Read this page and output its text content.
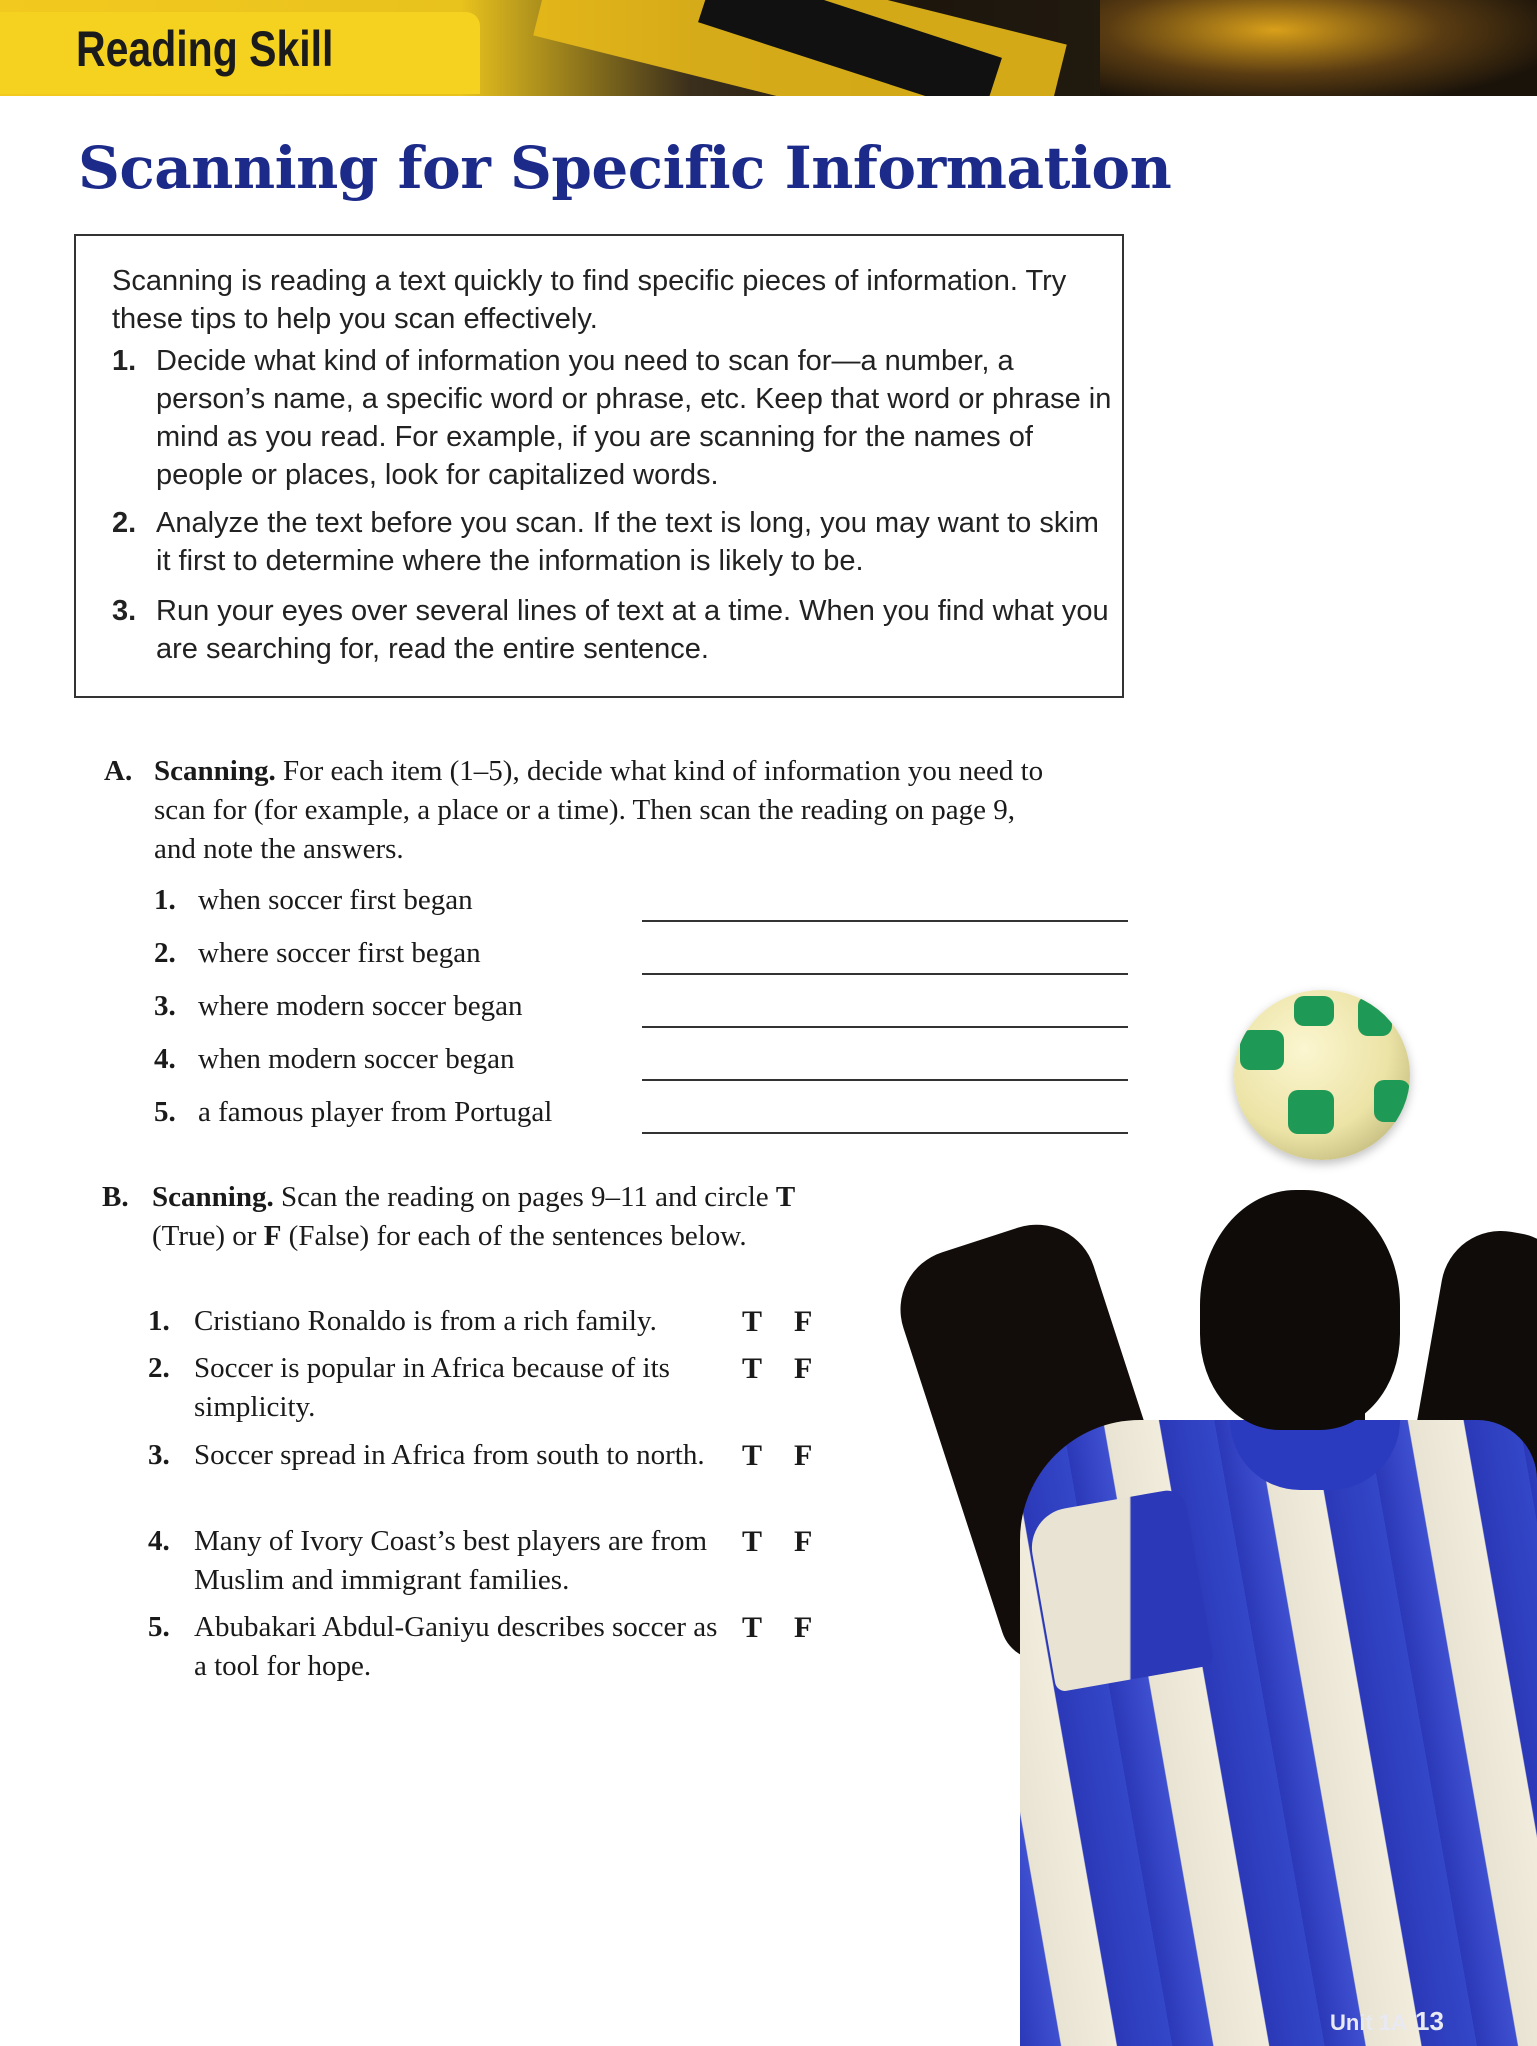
Reading Skill
Scanning for Specific Information
Scanning is reading a text quickly to find specific pieces of information. Try these tips to help you scan effectively.
1. Decide what kind of information you need to scan for—a number, a person’s name, a specific word or phrase, etc. Keep that word or phrase in mind as you read. For example, if you are scanning for the names of people or places, look for capitalized words.
2. Analyze the text before you scan. If the text is long, you may want to skim it first to determine where the information is likely to be.
3. Run your eyes over several lines of text at a time. When you find what you are searching for, read the entire sentence.
A. Scanning. For each item (1–5), decide what kind of information you need to scan for (for example, a place or a time). Then scan the reading on page 9, and note the answers.
1. when soccer first began
2. where soccer first began
3. where modern soccer began
4. when modern soccer began
5. a famous player from Portugal
B. Scanning. Scan the reading on pages 9–11 and circle T (True) or F (False) for each of the sentences below.
1. Cristiano Ronaldo is from a rich family.	T F
2. Soccer is popular in Africa because of its simplicity.
T F
3. Soccer spread in Africa from south to north.	T F
4. Many of Ivory Coast’s best players are from Muslim and immigrant families.
T F
5. Abubakari Abdul-Ganiyu describes soccer as a tool for hope.
T F
Unit 1A 13
